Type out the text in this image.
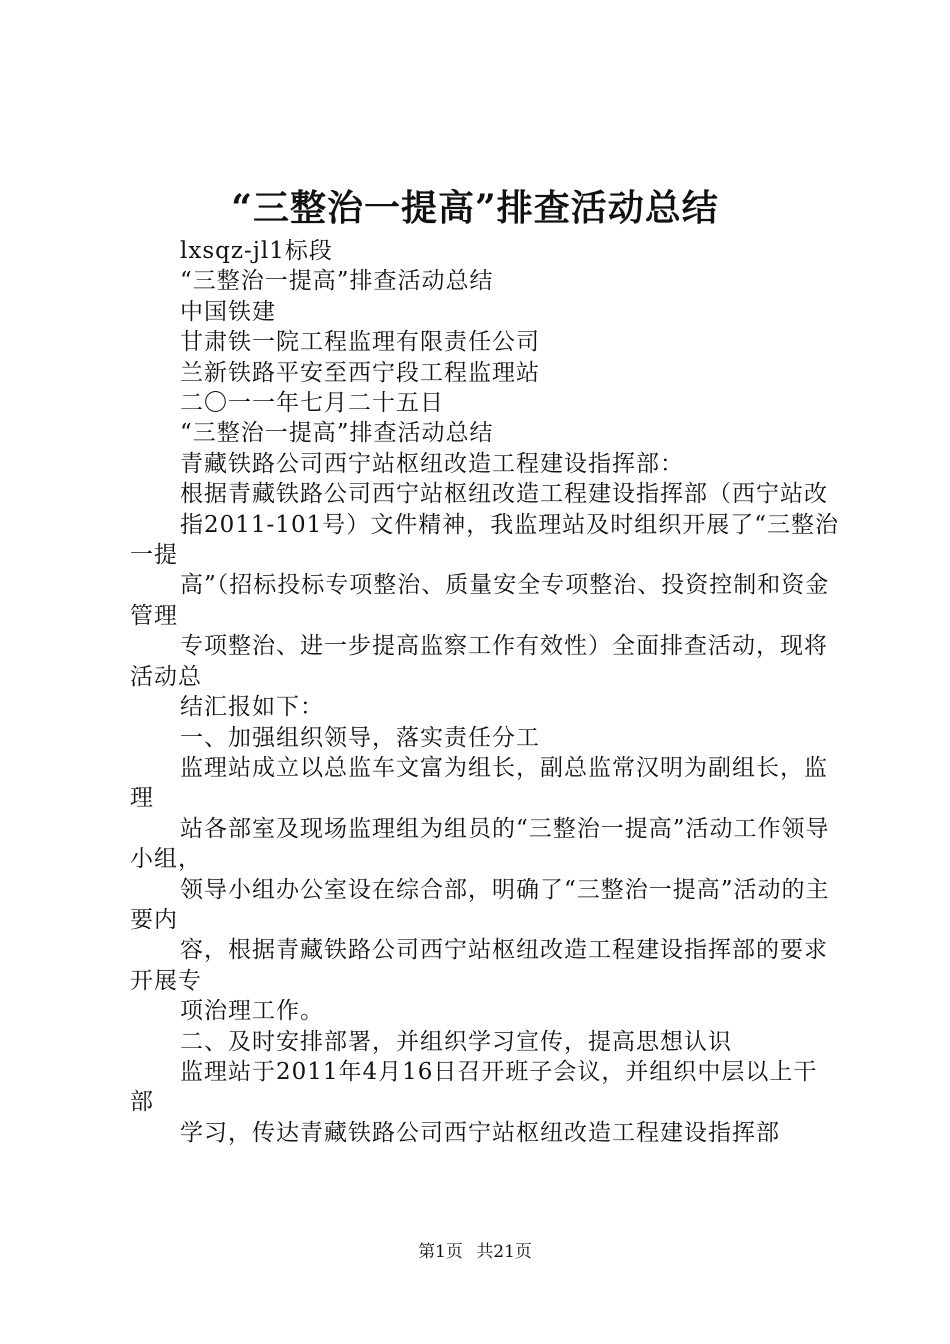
“三整治一提高”排查活动总结

lxsqz-jl1标段

“三整治一提高”排查活动总结

中国铁建

甘肃铁一院工程监理有限责任公司

兰新铁路平安至西宁段工程监理站

二〇一一年七月二十五日

“三整治一提高”排查活动总结

青藏铁路公司西宁站枢纽改造工程建设指挥部：

根据青藏铁路公司西宁站枢纽改造工程建设指挥部（西宁站改

指2011-101号）文件精神，我监理站及时组织开展了“三整治一提

高”（招标投标专项整治、质量安全专项整治、投资控制和资金管理

专项整治、进一步提高监察工作有效性）全面排查活动，现将活动总

结汇报如下：

一、加强组织领导，落实责任分工

监理站成立以总监车文富为组长，副总监常汉明为副组长，监理

站各部室及现场监理组为组员的“三整治一提高”活动工作领导小组，

领导小组办公室设在综合部，明确了“三整治一提高”活动的主要内

容，根据青藏铁路公司西宁站枢纽改造工程建设指挥部的要求开展专

项治理工作。

二、及时安排部署，并组织学习宣传，提高思想认识

监理站于2011年4月16日召开班子会议，并组织中层以上干部

学习，传达青藏铁路公司西宁站枢纽改造工程建设指挥部

第1页 共21页
